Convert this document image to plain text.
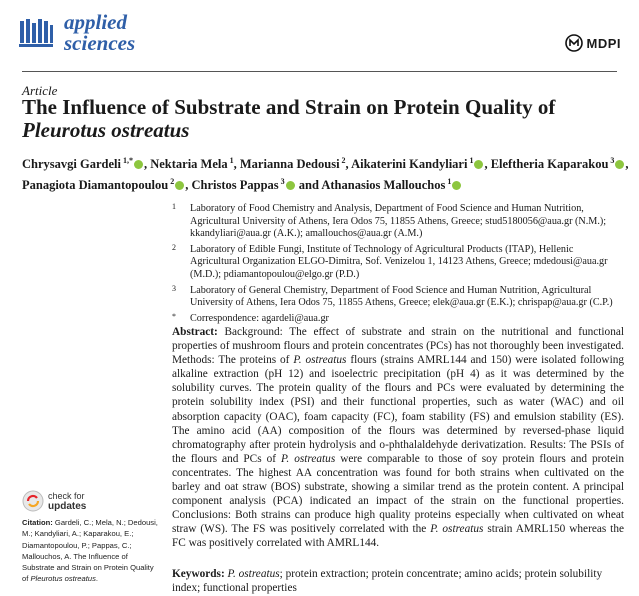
applied
sciences	MDPI
Article
The Influence of Substrate and Strain on Protein Quality of Pleurotus ostreatus
Chrysavgi Gardeli $^{1,*}$ , Nektaria Mela $^1$, Marianna Dedousi $^2$, Aikaterini Kandyliari $^1$ , Eleftheria Kaparakou $^3$ ,
Panagiota Diamantopoulou $^2$ , Christos Pappas $^3$ and Athanasios Mallouchos $^1$
1 Laboratory of Food Chemistry and Analysis, Department of Food Science and Human Nutrition, Agricultural University of Athens, Iera Odos 75, 11855 Athens, Greece; stud5180056@aua.gr (N.M.); kkandyliari@aua.gr (A.K.); amallouchos@aua.gr (A.M.)
2 Laboratory of Edible Fungi, Institute of Technology of Agricultural Products (ITAP), Hellenic Agricultural Organization ELGO-Dimitra, Sof. Venizelou 1, 14123 Athens, Greece; mdedousi@aua.gr (M.D.); pdiamantopoulou@elgo.gr (P.D.)
3 Laboratory of General Chemistry, Department of Food Science and Human Nutrition, Agricultural University of Athens, Iera Odos 75, 11855 Athens, Greece; elek@aua.gr (E.K.); chrispap@aua.gr (C.P.)
* Correspondence: agardeli@aua.gr
Abstract: Background: The effect of substrate and strain on the nutritional and functional properties of mushroom flours and protein concentrates (PCs) has not thoroughly been investigated. Methods: The proteins of P. ostreatus flours (strains AMRL144 and 150) were isolated following alkaline extraction (pH 12) and isoelectric precipitation (pH 4) as it was determined by the solubility curves. The protein quality of the flours and PCs were evaluated by determining the protein solubility index (PSI) and their functional properties, such as water (WAC) and oil absorption capacity (OAC), foam capacity (FC), foam stability (FS) and emulsion stability (ES). The amino acid (AA) composition of the flours was determined by reversed-phase liquid chromatography after protein hydrolysis and o-phthalaldehyde derivatization. Results: The PSIs of the flours and PCs of P. ostreatus were comparable to those of soy protein flours and protein concentrates. The highest AA concentration was found for both strains when cultivated on the barley and oat straw (BOS) substrate, showing a similar trend as the protein content. A principal component analysis (PCA) indicated an impact of the strain on the functional properties. Conclusions: Both strains can produce high quality proteins especially when cultivated on wheat straw (WS). The FS was positively correlated with the P. ostreatus strain AMRL150 whereas the FC was positively correlated with AMRL144.
Keywords: P. ostreatus; protein extraction; protein concentrate; amino acids; protein solubility index; functional properties
check for
updates
Citation: Gardeli, C.; Mela, N.; Dedousi, M.; Kandyliari, A.; Kaparakou, E.; Diamantopoulou, P.; Pappas, C.; Mallouchos, A. The Influence of Substrate and Strain on Protein Quality of Pleurotus ostreatus.
